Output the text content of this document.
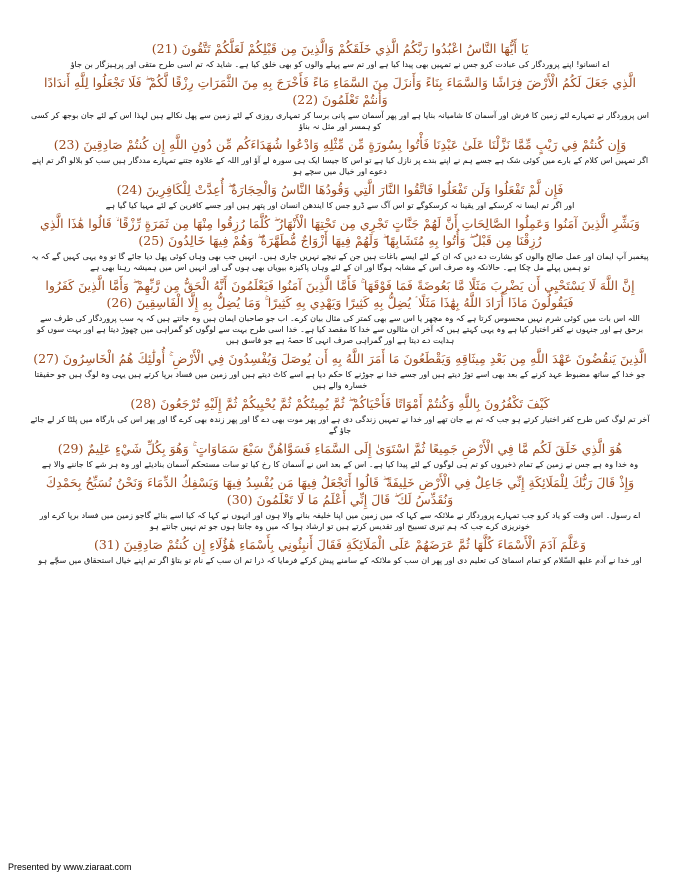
يَا أَيُّهَا النَّاسُ اعْبُدُوا رَبَّكُمُ الَّذِي خَلَقَكُمْ وَالَّذِينَ مِن قَبْلِكُمْ لَعَلَّكُمْ تَتَّقُونَ (21)

اے انسانو! اپنے پروردگار کی عبادت کرو جس نے تمہیں بھی پیدا کیا ہے اور تم سے پہلے والوں کو بھی خلق کیا ہے۔ شاید کہ تم اسی طرح متقی اور پرہیزگار بن جاؤ

الَّذِي جَعَلَ لَكُمُ الْأَرْضَ فِرَاشًا وَالسَّمَاءَ بِنَاءً وَأَنزَلَ مِنَ السَّمَاءِ مَاءً فَأَخْرَجَ بِهِ مِنَ الثَّمَرَاتِ رِزْقًا لَّكُمْ ۖ فَلَا تَجْعَلُوا لِلَّهِ أَندَادًا وَأَنتُمْ تَعْلَمُونَ (22)

اس پروردگار نے تمہارے لئے زمین کا فرش اور آسمان کا شامیانہ بنایا ہے اور پھر آسمان سے پانی برسا کر تمہاری روزی کے لئے زمین سے پھل نکالے ہیں لہذا اس کے لئے جان بوجھ کر کسی کو ہمسر اور مثل نہ بناؤ

وَإِن كُنتُمْ فِي رَيْبٍ مِّمَّا نَزَّلْنَا عَلَىٰ عَبْدِنَا فَأْتُوا بِسُورَةٍ مِّن مِّثْلِهِ وَادْعُوا شُهَدَاءَكُم مِّن دُونِ اللَّهِ إِن كُنتُمْ صَادِقِينَ (23)

اگر تمہیں اس کلام کے بارے میں کوئی شک ہے جسے ہم نے اپنے بندے پر نازل کیا ہے تو اس کا جیسا ایک ہی سورہ لے آؤ اور اللہ کے علاوہ جتنے تمہارے مددگار ہیں سب کو بلالو اگر تم اپنے دعوے اور خیال میں سچے ہو

فَإِن لَّمْ تَفْعَلُوا وَلَن تَفْعَلُوا فَاتَّقُوا النَّارَ الَّتِي وَقُودُهَا النَّاسُ وَالْحِجَارَةُ ۖ أُعِدَّتْ لِلْكَافِرِينَ (24)

اور اگر تم ایسا نہ کرسکے اور یقینا نہ کرسکوگے تو اس آگ سے ڈرو جس کا ایندھن انسان اور پتھر ہیں اور جسے کافرین کے لئے مہیا کیا گیا ہے

وَبَشِّرِ الَّذِينَ آمَنُوا وَعَمِلُوا الصَّالِحَاتِ أَنَّ لَهُمْ جَنَّاتٍ تَجْرِي مِن تَحْتِهَا الْأَنْهَارُ ۖ كُلَّمَا رُزِقُوا مِنْهَا مِن ثَمَرَةٍ رِّزْقًا ۙ قَالُوا هَٰذَا الَّذِي رُزِقْنَا مِن قَبْلُ ۖ وَأُتُوا بِهِ مُتَشَابِهًا ۖ وَلَهُمْ فِيهَا أَزْوَاجٌ مُّطَهَّرَةٌ ۖ وَهُمْ فِيهَا خَالِدُونَ (25)

پیغمبر آپ ایمان اور عمل صالح والوں کو بشارت دے دیں کہ ان کے لئے ایسے باغات ہیں جن کے نیچے نہریں جاری ہیں۔ انہیں جب بھی وہاں کوئی پھل دیا جائے گا تو وہ یہی کہیں گے کہ یہ تو ہمیں پہلے مل چکا ہے۔ حالانکہ وہ صرف اس کے مشابہ ہوگا اور ان کے لئے وہاں پاکیزہ بیویاں بھی ہوں گی اور انہیں اس میں ہمیشہ رہنا بھی ہے

إِنَّ اللَّهَ لَا يَسْتَحْيِي أَن يَضْرِبَ مَثَلًا مَّا بَعُوضَةً فَمَا فَوْقَهَا ۚ فَأَمَّا الَّذِينَ آمَنُوا فَيَعْلَمُونَ أَنَّهُ الْحَقُّ مِن رَّبِّهِمْ ۖ وَأَمَّا الَّذِينَ كَفَرُوا فَيَقُولُونَ مَاذَا أَرَادَ اللَّهُ بِهَٰذَا مَثَلًا ۘ يُضِلُّ بِهِ كَثِيرًا وَيَهْدِي بِهِ كَثِيرًا ۚ وَمَا يُضِلُّ بِهِ إِلَّا الْفَاسِقِينَ (26)

اللہ اس بات میں کوئی شرم نہیں محسوس کرتا ہے کہ وہ مچھر یا اس سے بھی کمتر کی مثال بیان کرے۔ اب جو صاحبان ایمان ہیں وہ جانتے ہیں کہ یہ سب پروردگار کی طرف سے برحق ہے اور جنہوں نے کفر اختیار کیا ہے وہ یہی کہتے ہیں کہ آخر ان مثالوں سے خدا کا مقصد کیا ہے۔ خدا اسی طرح بہت سے لوگوں کو گمراہی میں چھوڑ دیتا ہے اور بہت سوں کو ہدایت دے دیتا ہے اور گمراہی صرف انہی کا حصہّ ہے جو فاسق ہیں

الَّذِينَ يَنقُضُونَ عَهْدَ اللَّهِ مِن بَعْدِ مِيثَاقِهِ وَيَقْطَعُونَ مَا أَمَرَ اللَّهُ بِهِ أَن يُوصَلَ وَيُفْسِدُونَ فِي الْأَرْضِ ۚ أُولَٰئِكَ هُمُ الْخَاسِرُونَ (27)

جو خدا کے ساتھ مضبوط عہد کرنے کے بعد بھی اسے توڑ دیتے ہیں اور جسے خدا نے جوڑنے کا حکم دیا ہے اسے کاٹ دیتے ہیں اور زمین میں فساد برپا کرتے ہیں یہی وہ لوگ ہیں جو حقیقتا خسارہ والے ہیں

كَيْفَ تَكْفُرُونَ بِاللَّهِ وَكُنتُمْ أَمْوَاتًا فَأَحْيَاكُمْ ۖ ثُمَّ يُمِيتُكُمْ ثُمَّ يُحْيِيكُمْ ثُمَّ إِلَيْهِ تُرْجَعُونَ (28)

آخر تم لوگ کس طرح کفر اختیار کرتے ہو جب کہ تم بے جان تھے اور خدا نے تمہیں زندگی دی ہے اور پھر موت بھی دے گا اور پھر زندہ بھی کرے گا اور پھر اس کی بارگاہ میں پلٹا کر لے جائے جاؤ گے

هُوَ الَّذِي خَلَقَ لَكُم مَّا فِي الْأَرْضِ جَمِيعًا ثُمَّ اسْتَوَىٰ إِلَى السَّمَاءِ فَسَوَّاهُنَّ سَبْعَ سَمَاوَاتٍ ۚ وَهُوَ بِكُلِّ شَيْءٍ عَلِيمٌ (29)

وہ خدا وہ ہے جس نے زمین کے تمام ذخیروں کو تم ہی لوگوں کے لئے پیدا کیا ہے۔ اس کے بعد اس نے آسمان کا رخ کیا تو سات مستحکم آسمان بنادیئے اور وہ ہر شے کا جاننے والا ہے

وَإِذْ قَالَ رَبُّكَ لِلْمَلَائِكَةِ إِنِّي جَاعِلٌ فِي الْأَرْضِ خَلِيفَةً ۖ قَالُوا أَتَجْعَلُ فِيهَا مَن يُفْسِدُ فِيهَا وَيَسْفِكُ الدِّمَاءَ وَنَحْنُ نُسَبِّحُ بِحَمْدِكَ وَنُقَدِّسُ لَكَ ۖ قَالَ إِنِّي أَعْلَمُ مَا لَا تَعْلَمُونَ (30)

اے رسول۔ اس وقت کو یاد کرو جب تمہارے پروردگار نے ملائکہ سے کہا کہ میں زمین میں اپنا خلیفہ بنانے والا ہوں اور انہوں نے کہا کہ کیا اسے بنائے گاجو زمین میں فساد برپا کرے اور خونریزی کرے جب کہ ہم تیری تسبیح اور تقدیس کرتے ہیں تو ارشاد ہوا کہ میں وہ جانتا ہوں جو تم نہیں جانتے ہو

وَعَلَّمَ آدَمَ الْأَسْمَاءَ كُلَّهَا ثُمَّ عَرَضَهُمْ عَلَى الْمَلَائِكَةِ فَقَالَ أَنبِئُونِي بِأَسْمَاءِ هَٰؤُلَاءِ إِن كُنتُمْ صَادِقِينَ (31)

اور خدا نے آدم علیھ السّلام کو تمام اسمائ کی تعلیم دی اور پھر ان سب کو ملائکہ کے سامنے پیش کرکے فرمایا کہ ذرا تم ان سب کے نام تو بتاؤ اگر تم اپنے خیال استحقاق میں سچّے ہو

Presented by www.ziaraat.com
